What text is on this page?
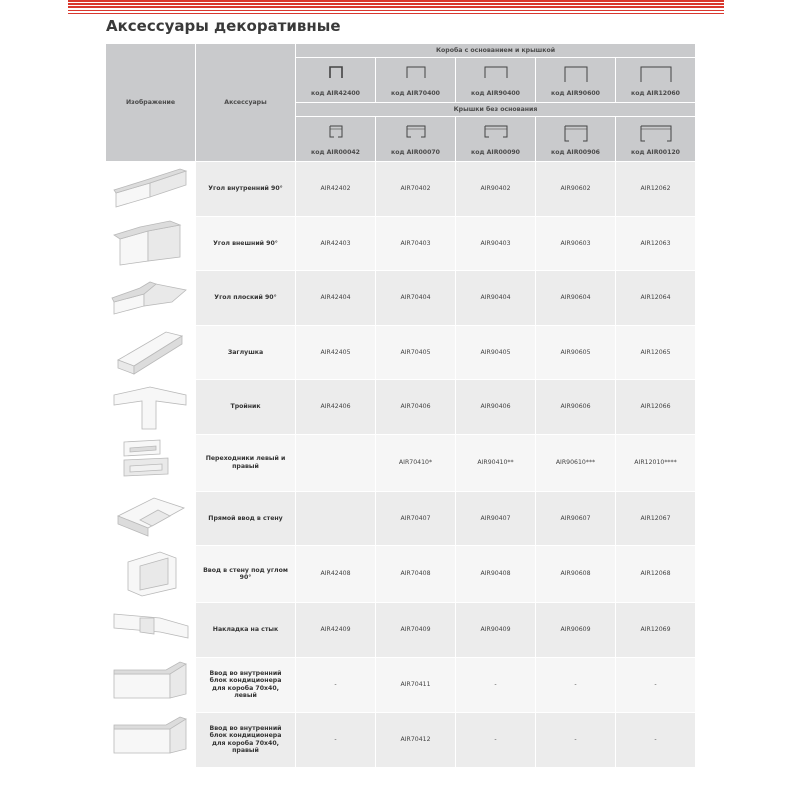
Аксессуары декоративные
Изображение	Аксессуары	Короба с основанием и крышкой				

		код AIR42400	код AIR70400	код AIR90400	код AIR90600	код AIR12060

		Крышки без основания				

		код AIR00042	код AIR00070	код AIR00090	код AIR00906	код AIR00120

	Угол внутренний 90°	AIR42402	AIR70402	AIR90402	AIR90602	AIR12062
	Угол внешний 90°	AIR42403	AIR70403	AIR90403	AIR90603	AIR12063
	Угол плоский 90°	AIR42404	AIR70404	AIR90404	AIR90604	AIR12064
	Заглушка	AIR42405	AIR70405	AIR90405	AIR90605	AIR12065
	Тройник	AIR42406	AIR70406	AIR90406	AIR90606	AIR12066
	Переходники левый и правый		AIR70410*	AIR90410**	AIR90610***	AIR12010****
	Прямой ввод в стену		AIR70407	AIR90407	AIR90607	AIR12067
	Ввод в стену под углом 90°	AIR42408	AIR70408	AIR90408	AIR90608	AIR12068
	Накладка на стык	AIR42409	AIR70409	AIR90409	AIR90609	AIR12069
	Ввод во внутренний блок кондиционера для короба 70x40, левый	-	AIR70411	-	-	-
	Ввод во внутренний блок кондиционера для короба 70x40, правый	-	AIR70412	-	-	-
